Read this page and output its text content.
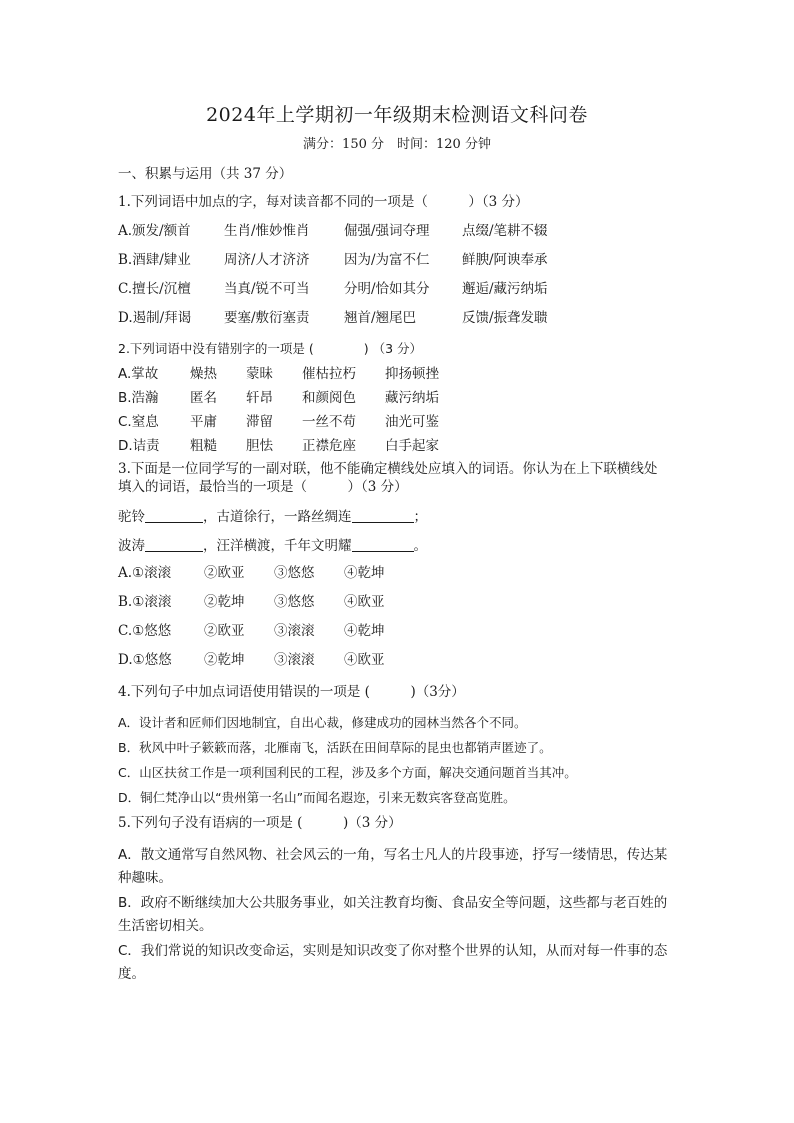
2024年上学期初一年级期末检测语文科问卷
满分：150 分　时间：120 分钟
一、积累与运用（共 37 分）
1.下列词语中加点的字，每对读音都不同的一项是（　　　）（3 分）
A.颁发/额首 生肖/惟妙惟肖	倔强/强词夺理 点缀/笔耕不辍
B.酒肆/肄业 周济/人才济济	因为/为富不仁 鲜腴/阿谀奉承
C.擅长/沉檀 当真/锐不可当	分明/恰如其分 邂逅/藏污纳垢
D.遏制/拜谒 要塞/敷衍塞责	翘首/翘尾巴	反馈/振聋发聩
2.下列词语中没有错别字的一项是 (　　　　) （3 分）
A.掌故 燥热 蒙昧 催枯拉朽 抑扬顿挫
B.浩瀚 匿名 轩昂 和颜阅色 藏污纳垢
C.窒息 平庸 滞留 一丝不苟 油光可鉴
D.诘责 粗糙 胆怯 正襟危座 白手起家
3.下面是一位同学写的一副对联，他不能确定横线处应填入的词语。你认为在上下联横线处
填入的词语，最恰当的一项是（　　　）（3 分）
驼铃	，古道徐行，一路丝绸连	；
波涛	，汪洋横渡，千年文明耀	。
A.①滚滚 ②欧亚 ③悠悠 ④乾坤
B.①滚滚 ②乾坤 ③悠悠 ④欧亚
C.①悠悠 ②欧亚 ③滚滚 ④乾坤
D.①悠悠 ②乾坤 ③滚滚 ④欧亚
4.下列句子中加点词语使用错误的一项是 (　　　)（3分）
A．设计者和匠师们因地制宜，自出心裁，修建成功的园林当然各个不同。
B．秋风中叶子簌簌而落，北雁南飞，活跃在田间草际的昆虫也都销声匿迹了。
C．山区扶贫工作是一项利国利民的工程，涉及多个方面，解决交通问题首当其冲。
D．铜仁梵净山以“贵州第一名山”而闻名遐迩，引来无数宾客登高览胜。
5.下列句子没有语病的一项是 (　　　)（3 分）
A．散文通常写自然风物、社会风云的一角，写名士凡人的片段事迹，抒写一缕情思，传达某种趣味。
B．政府不断继续加大公共服务事业，如关注教育均衡、食品安全等问题，这些都与老百姓的生活密切相关。
C．我们常说的知识改变命运，实则是知识改变了你对整个世界的认知，从而对每一件事的态度。
